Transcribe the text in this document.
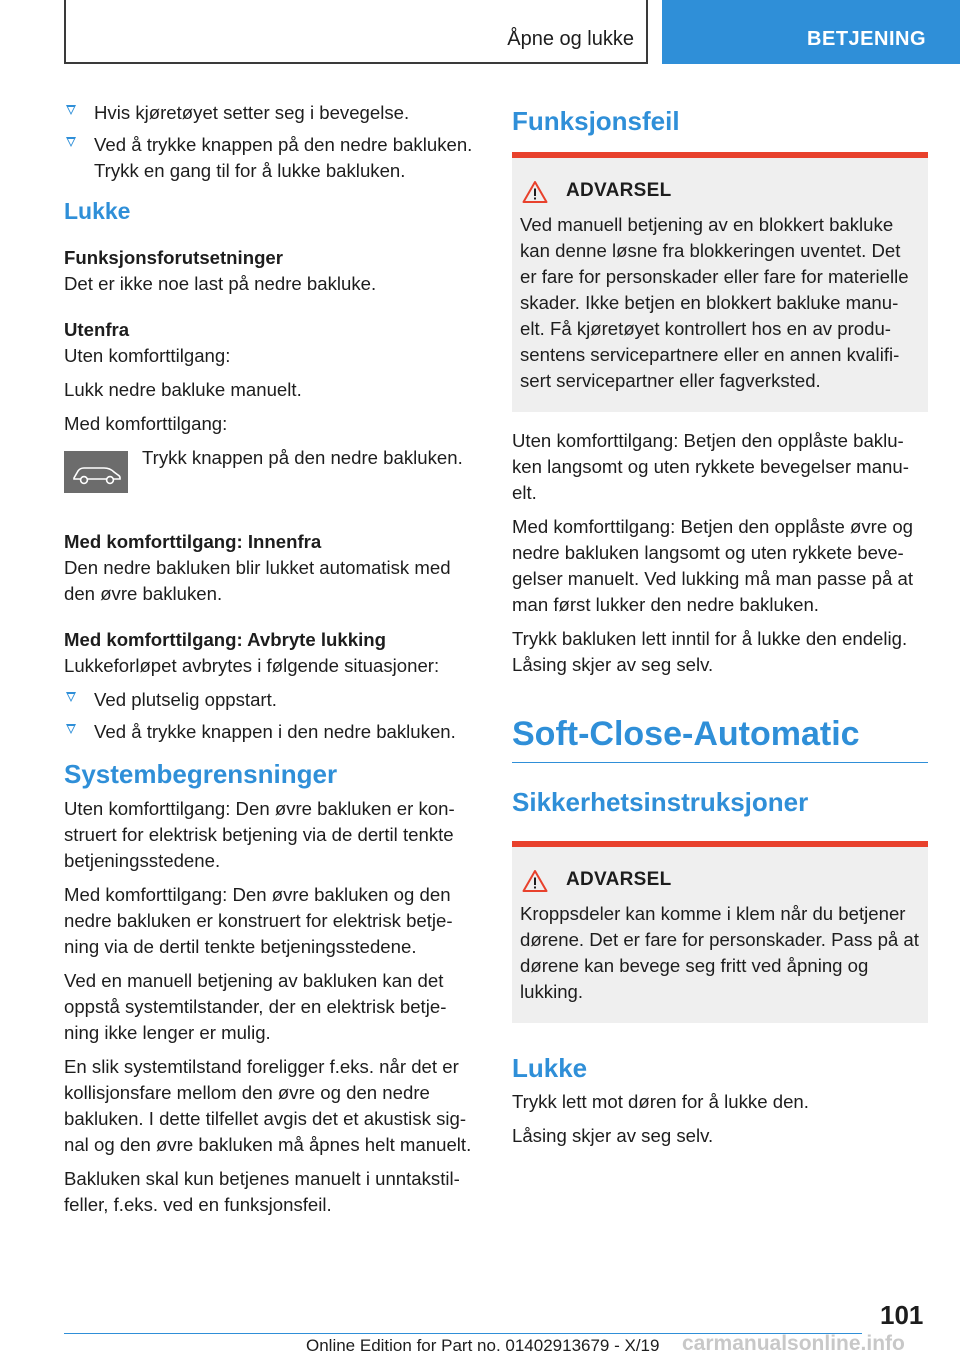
Åpne og lukke	BETJENING
Hvis kjøretøyet setter seg i bevegelse.
Ved å trykke knappen på den nedre bakluken. Trykk en gang til for å lukke bakluken.
Lukke
Funksjonsforutsetninger

Det er ikke noe last på nedre bakluke.

Utenfra

Uten komforttilgang:

Lukk nedre bakluke manuelt.

Med komforttilgang:

Trykk knappen på den nedre bakluken.
Med komforttilgang: Innenfra

Den nedre bakluken blir lukket automatisk med den øvre bakluken.

Med komforttilgang: Avbryte lukking

Lukkeforløpet avbrytes i følgende situasjoner:

Ved plutselig oppstart.
Ved å trykke knappen i den nedre bakluken.
Systembegrensninger

Uten komforttilgang: Den øvre bakluken er kon-struert for elektrisk betjening via de dertil tenkte betjeningsstedene.

Med komforttilgang: Den øvre bakluken og den nedre bakluken er konstruert for elektrisk betje-ning via de dertil tenkte betjeningsstedene.

Ved en manuell betjening av bakluken kan det oppstå systemtilstander, der en elektrisk betje-ning ikke lenger er mulig.

En slik systemtilstand foreligger f.eks. når det er kollisjonsfare mellom den øvre og den nedre bakluken. I dette tilfellet avgis det et akustisk sig-nal og den øvre bakluken må åpnes helt manuelt.

Bakluken skal kun betjenes manuelt i unntakstil-feller, f.eks. ved en funksjonsfeil.

Funksjonsfeil
ADVARSEL

Ved manuell betjening av en blokkert bakluke kan denne løsne fra blokkeringen uventet. Det er fare for personskader eller fare for materielle skader. Ikke betjen en blokkert bakluke manu-elt. Få kjøretøyet kontrollert hos en av produ-sentens servicepartnere eller en annen kvalifi-sert servicepartner eller fagverksted.

Uten komforttilgang: Betjen den opplåste baklu-ken langsomt og uten rykkete bevegelser manu-elt.

Med komforttilgang: Betjen den opplåste øvre og nedre bakluken langsomt og uten rykkete beve-gelser manuelt. Ved lukking må man passe på at man først lukker den nedre bakluken.

Trykk bakluken lett inntil for å lukke den endelig. Låsing skjer av seg selv.

Soft-Close-Automatic
Sikkerhetsinstruksjoner
ADVARSEL

Kroppsdeler kan komme i klem når du betjener dørene. Det er fare for personskader. Pass på at dørene kan bevege seg fritt ved åpning og lukking.

Lukke

Trykk lett mot døren for å lukke den.

Låsing skjer av seg selv.

101
Online Edition for Part no. 01402913679 - X/19 carmanualsonline.info
